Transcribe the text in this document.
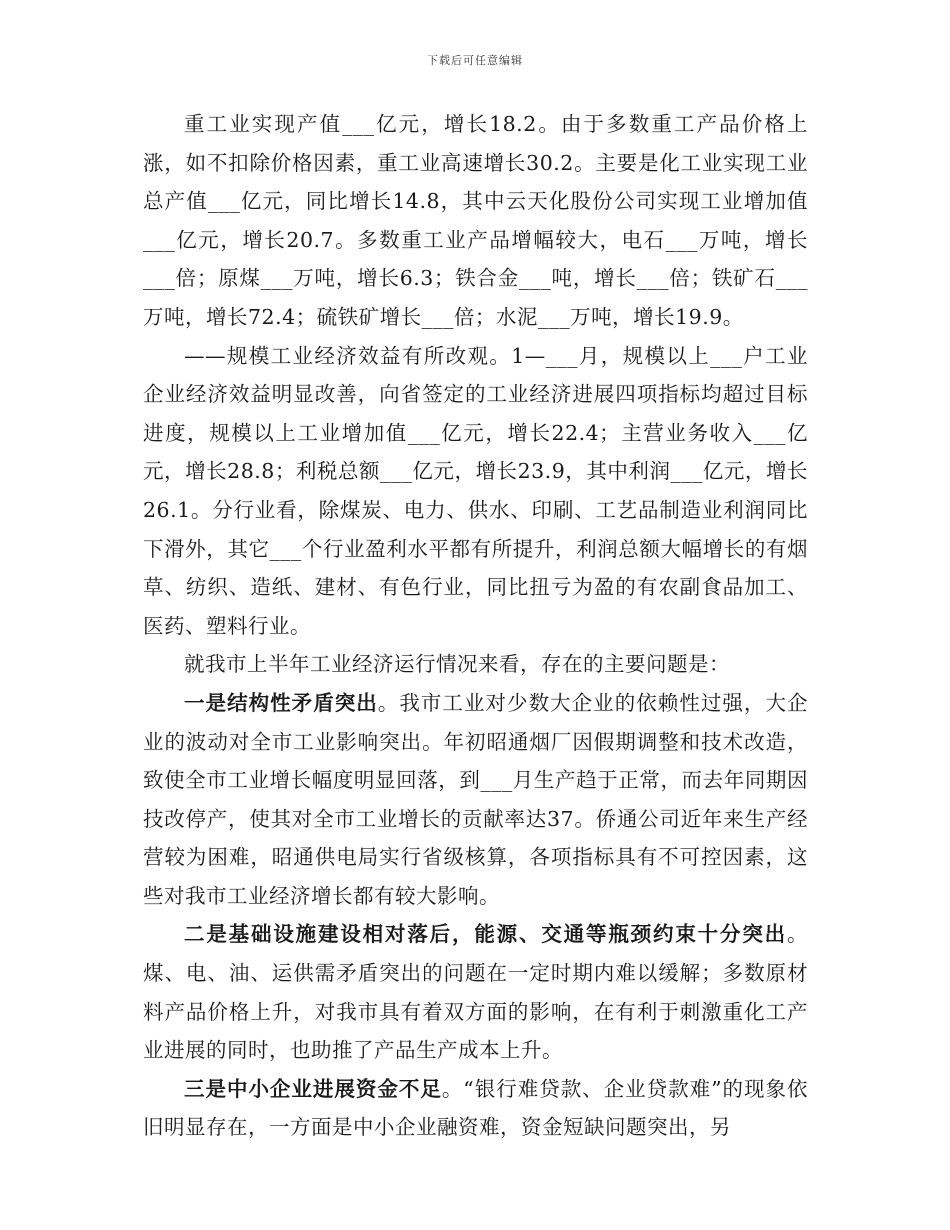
下载后可任意编辑

重工业实现产值___亿元，增长18.2。由于多数重工产品价格上涨，如不扣除价格因素，重工业高速增长30.2。主要是化工业实现工业总产值___亿元，同比增长14.8，其中云天化股份公司实现工业增加值___亿元，增长20.7。多数重工业产品增幅较大，电石___万吨，增长___倍；原煤___万吨，增长6.3；铁合金___吨，增长___倍；铁矿石___万吨，增长72.4；硫铁矿增长___倍；水泥___万吨，增长19.9。

——规模工业经济效益有所改观。1—___月，规模以上___户工业企业经济效益明显改善，向省签定的工业经济进展四项指标均超过目标进度，规模以上工业增加值___亿元，增长22.4；主营业务收入___亿元，增长28.8；利税总额___亿元，增长23.9，其中利润___亿元，增长26.1。分行业看，除煤炭、电力、供水、印刷、工艺品制造业利润同比下滑外，其它___个行业盈利水平都有所提升，利润总额大幅增长的有烟草、纺织、造纸、建材、有色行业，同比扭亏为盈的有农副食品加工、医药、塑料行业。

就我市上半年工业经济运行情况来看，存在的主要问题是：

一是结构性矛盾突出。我市工业对少数大企业的依赖性过强，大企业的波动对全市工业影响突出。年初昭通烟厂因假期调整和技术改造，致使全市工业增长幅度明显回落，到___月生产趋于正常，而去年同期因技改停产，使其对全市工业增长的贡献率达37。侨通公司近年来生产经营较为困难，昭通供电局实行省级核算，各项指标具有不可控因素，这些对我市工业经济增长都有较大影响。

二是基础设施建设相对落后，能源、交通等瓶颈约束十分突出。煤、电、油、运供需矛盾突出的问题在一定时期内难以缓解；多数原材料产品价格上升，对我市具有着双方面的影响，在有利于刺激重化工产业进展的同时，也助推了产品生产成本上升。

三是中小企业进展资金不足。“银行难贷款、企业贷款难”的现象依旧明显存在，一方面是中小企业融资难，资金短缺问题突出，另
